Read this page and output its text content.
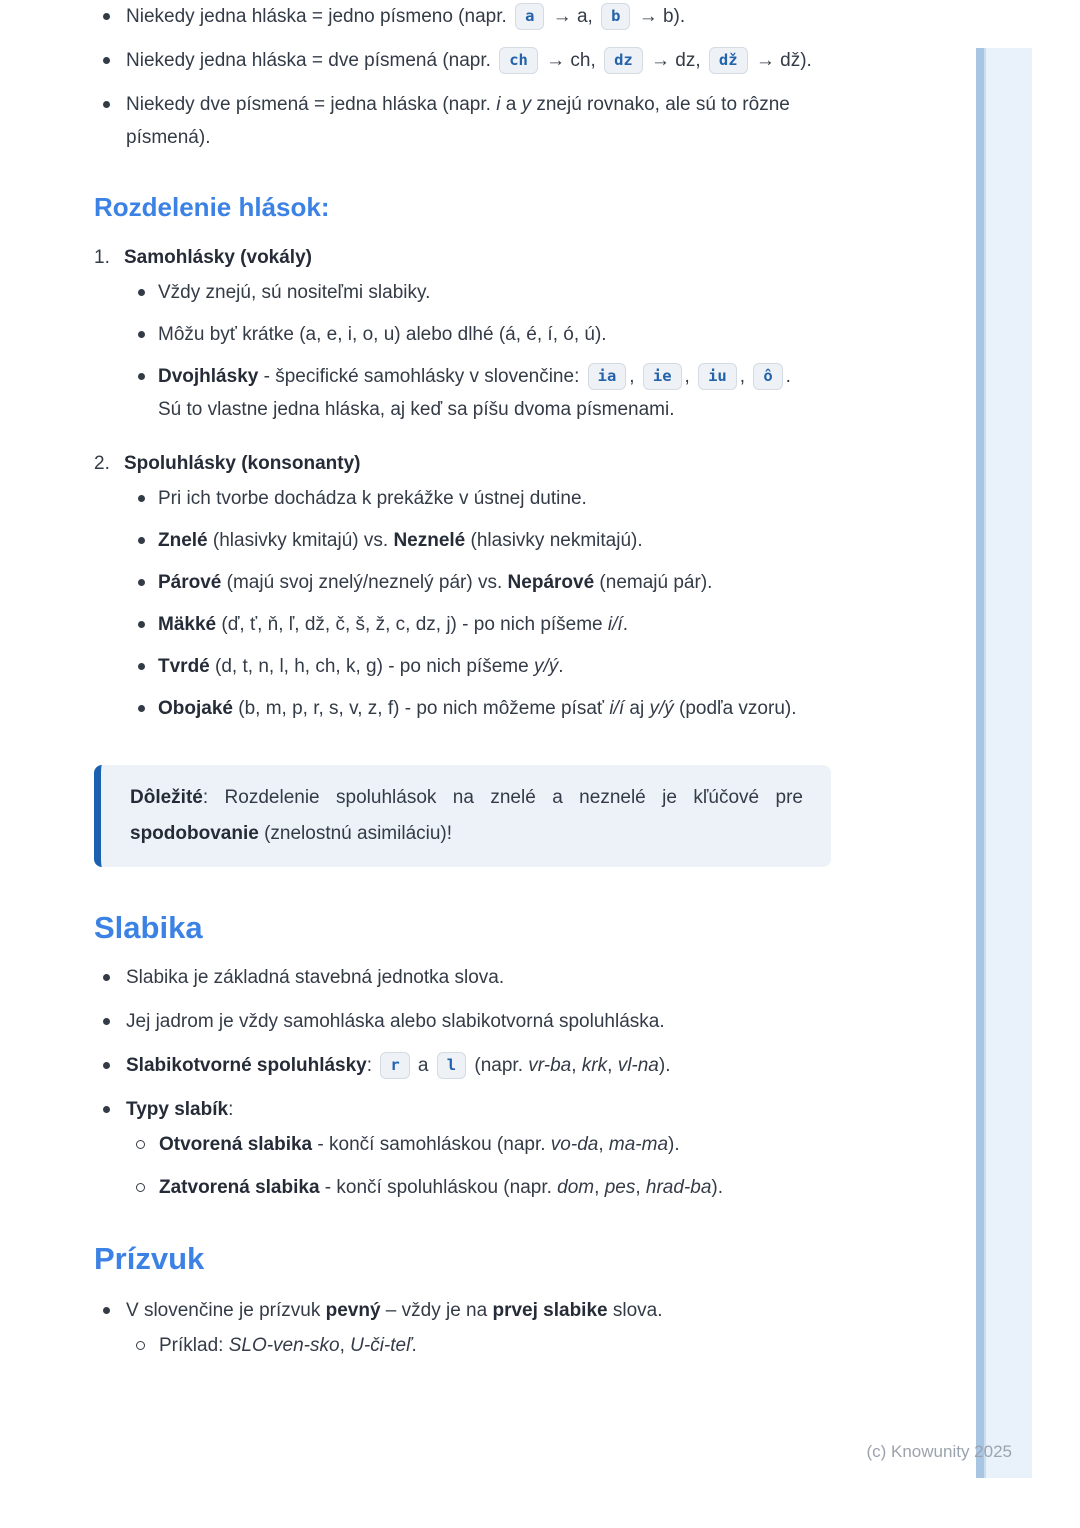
Niekedy jedna hláska = jedno písmeno (napr. a → a, b → b).
Niekedy jedna hláska = dve písmená (napr. ch → ch, dz → dz, dž → dž).
Niekedy dve písmená = jedna hláska (napr. i a y znejú rovnako, ale sú to rôzne písmená).
Rozdelenie hlások:
1. Samohlásky (vokály)
Vždy znejú, sú nositeľmi slabiky.
Môžu byť krátke (a, e, i, o, u) alebo dlhé (á, é, í, ó, ú).
Dvojhlásky - špecifické samohlásky v slovenčine: ia , ie , iu , ô . Sú to vlastne jedna hláska, aj keď sa píšu dvoma písmenami.
2. Spoluhlásky (konsonanty)
Pri ich tvorbe dochádza k prekážke v ústnej dutine.
Znelé (hlasivky kmitajú) vs. Neznelé (hlasivky nekmitajú).
Párové (majú svoj znelý/neznelý pár) vs. Nepárové (nemajú pár).
Mäkké (ď, ť, ň, ľ, dž, č, š, ž, c, dz, j) - po nich píšeme i/í.
Tvrdé (d, t, n, l, h, ch, k, g) - po nich píšeme y/ý.
Obojaké (b, m, p, r, s, v, z, f) - po nich môžeme písať i/í aj y/ý (podľa vzoru).

Dôležité: Rozdelenie spoluhlások na znelé a neznelé je kľúčové pre spodobovanie (znelostnú asimiláciu)!

Slabika
Slabika je základná stavebná jednotka slova.
Jej jadrom je vždy samohláska alebo slabikotvorná spoluhláska.
Slabikotvorné spoluhlásky: r a l (napr. vr-ba, krk, vl-na).
Typy slabík:
Otvorená slabika - končí samohláskou (napr. vo-da, ma-ma).
Zatvorená slabika - končí spoluhláskou (napr. dom, pes, hrad-ba).
Prízvuk
V slovenčine je prízvuk pevný – vždy je na prvej slabike slova.
Príklad: SLO-ven-sko, U-či-teľ.
(c) Knowunity 2025
